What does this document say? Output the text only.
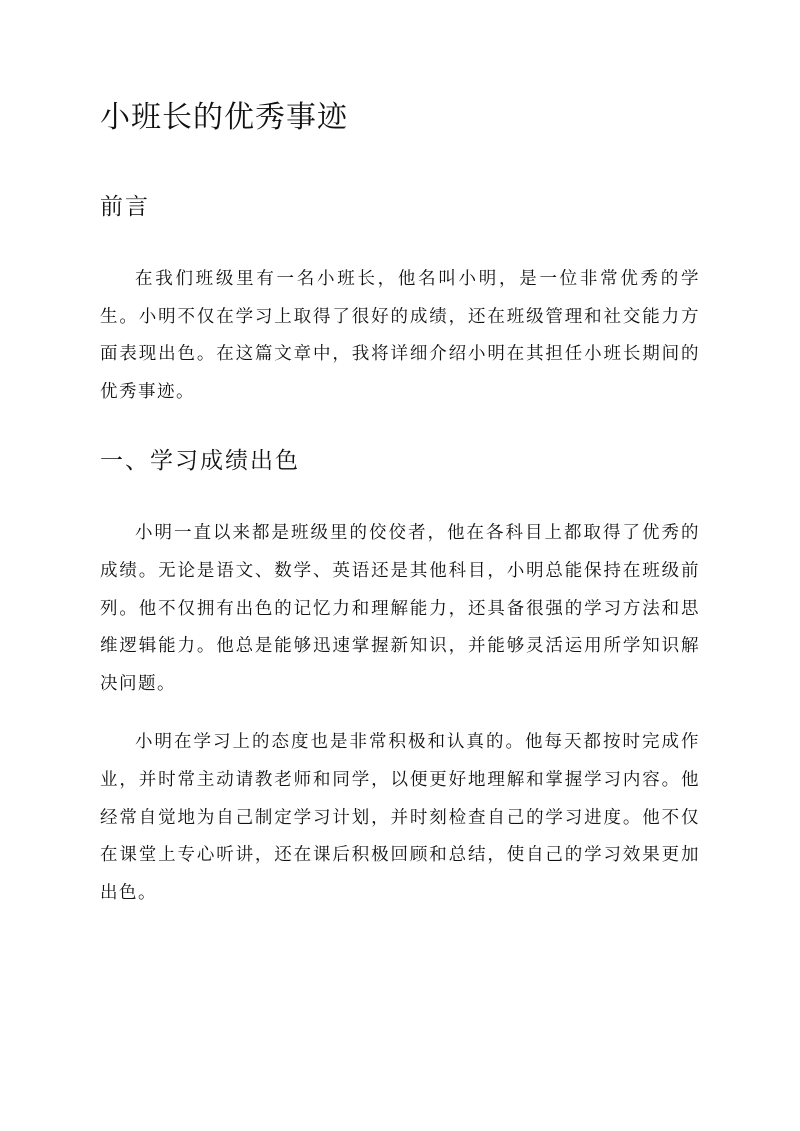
小班长的优秀事迹
前言

在我们班级里有一名小班长，他名叫小明，是一位非常优秀的学生。小明不仅在学习上取得了很好的成绩，还在班级管理和社交能力方面表现出色。在这篇文章中，我将详细介绍小明在其担任小班长期间的优秀事迹。

一、学习成绩出色

小明一直以来都是班级里的佼佼者，他在各科目上都取得了优秀的成绩。无论是语文、数学、英语还是其他科目，小明总能保持在班级前列。他不仅拥有出色的记忆力和理解能力，还具备很强的学习方法和思维逻辑能力。他总是能够迅速掌握新知识，并能够灵活运用所学知识解决问题。

小明在学习上的态度也是非常积极和认真的。他每天都按时完成作业，并时常主动请教老师和同学，以便更好地理解和掌握学习内容。他经常自觉地为自己制定学习计划，并时刻检查自己的学习进度。他不仅在课堂上专心听讲，还在课后积极回顾和总结，使自己的学习效果更加出色。
